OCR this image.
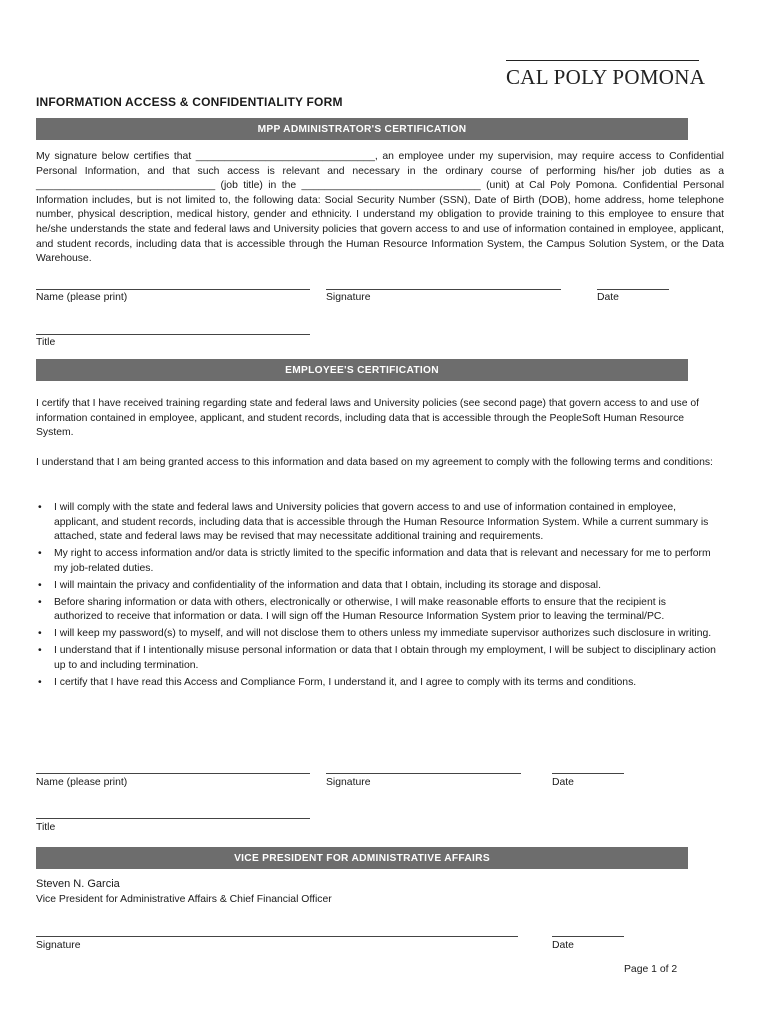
CAL POLY POMONA
INFORMATION ACCESS & CONFIDENTIALITY FORM
MPP ADMINISTRATOR'S CERTIFICATION
My signature below certifies that _______________________________, an employee under my supervision, may require access to Confidential Personal Information, and that such access is relevant and necessary in the ordinary course of performing his/her job duties as a _______________________________ (job title) in the _______________________________ (unit) at Cal Poly Pomona. Confidential Personal Information includes, but is not limited to, the following data: Social Security Number (SSN), Date of Birth (DOB), home address, home telephone number, physical description, medical history, gender and ethnicity. I understand my obligation to provide training to this employee to ensure that he/she understands the state and federal laws and University policies that govern access to and use of information contained in employee, applicant, and student records, including data that is accessible through the Human Resource Information System, the Campus Solution System, or the Data Warehouse.
Name (please print)	Signature	Date
Title
EMPLOYEE'S CERTIFICATION
I certify that I have received training regarding state and federal laws and University policies (see second page) that govern access to and use of information contained in employee, applicant, and student records, including data that is accessible through the PeopleSoft Human Resource System.
I understand that I am being granted access to this information and data based on my agreement to comply with the following terms and conditions:
• I will comply with the state and federal laws and University policies that govern access to and use of information contained in employee, applicant, and student records, including data that is accessible through the Human Resource Information System. While a current summary is attached, state and federal laws may be revised that may necessitate additional training and requirements.
• My right to access information and/or data is strictly limited to the specific information and data that is relevant and necessary for me to perform my job-related duties.
• I will maintain the privacy and confidentiality of the information and data that I obtain, including its storage and disposal.
• Before sharing information or data with others, electronically or otherwise, I will make reasonable efforts to ensure that the recipient is authorized to receive that information or data. I will sign off the Human Resource Information System prior to leaving the terminal/PC.
• I will keep my password(s) to myself, and will not disclose them to others unless my immediate supervisor authorizes such disclosure in writing.
• I understand that if I intentionally misuse personal information or data that I obtain through my employment, I will be subject to disciplinary action up to and including termination.
• I certify that I have read this Access and Compliance Form, I understand it, and I agree to comply with its terms and conditions.
Name (please print)	Signature	Date
Title
VICE PRESIDENT FOR ADMINISTRATIVE AFFAIRS
Steven N. Garcia
Vice President for Administrative Affairs & Chief Financial Officer
Signature	Date
Page 1 of 2
